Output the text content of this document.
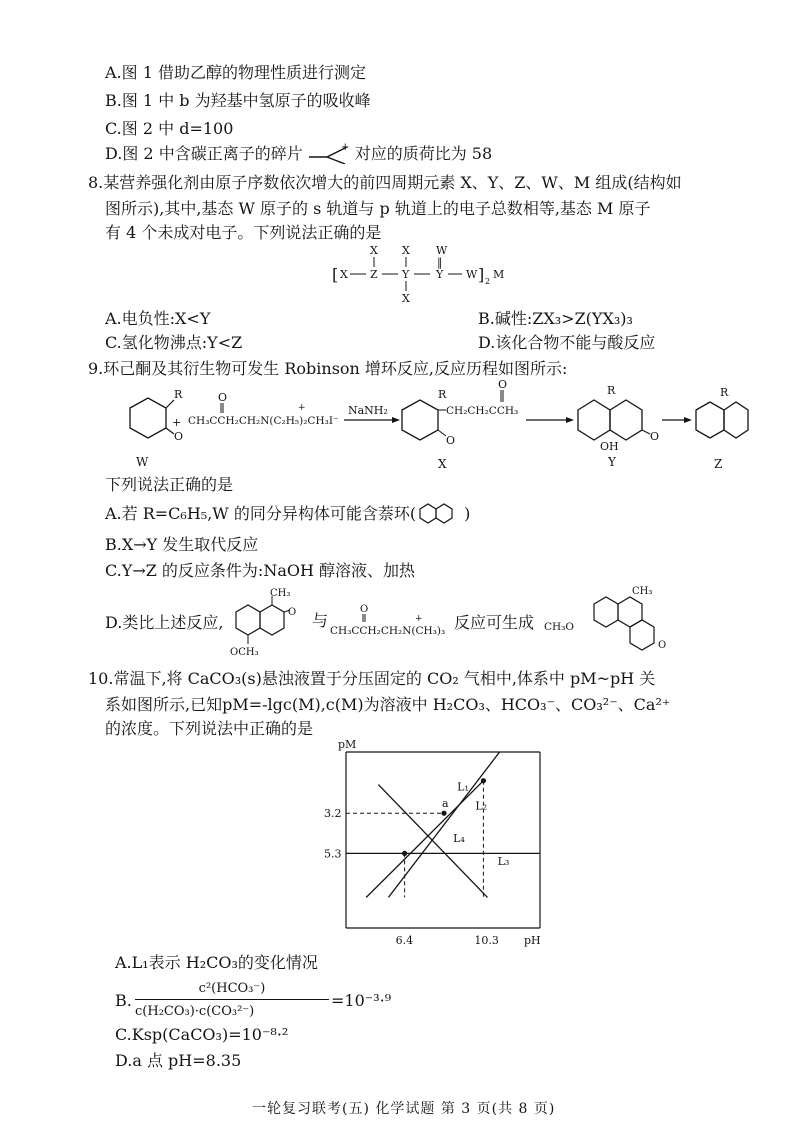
A.图 1 借助乙醇的物理性质进行测定
B.图 1 中 b 为羟基中氢原子的吸收峰
C.图 2 中 d=100
D.图 2 中含碳正离子的碎片	+ 对应的质荷比为 58
8.某营养强化剂由原子序数依次增大的前四周期元素 X、Y、Z、W、M 组成(结构如
图所示),其中,基态 W 原子的 s 轨道与 p 轨道上的电子总数相等,基态 M 原子
有 4 个未成对电子。下列说法正确的是
X X W
‖
[ X Z Y Y W ] 2
M
X
A.电负性:X<Y	B.碱性:ZX₃>Z(YX₃)₃
C.氢化物沸点:Y<Z	D.该化合物不能与酸反应
9.环己酮及其衍生物可发生 Robinson 增环反应,反应历程如图所示:
R
O
+
O
CH₃CCH₂CH₂N(C₂H₅)₂CH₃I⁻
+	NaNH₂
R
CH₂CH₂CCH₃
O
O
R
OH
O
R
W	X	Y	Z
下列说法正确的是
A.若 R=C₆H₅,W 的同分异构体可能含萘环(	)
B.X→Y 发生取代反应
C.Y→Z 的反应条件为:NaOH 醇溶液、加热
D.类比上述反应,
CH₃
O
OCH₃
与
O
CH₃CCH₂CH₂N(CH₃)₃
+ 反应可生成 CH₃O
CH₃
O
10.常温下,将 CaCO₃(s)悬浊液置于分压固定的 CO₂ 气相中,体系中 pM~pH 关
系如图所示,已知pM=-lgc(M),c(M)为溶液中 H₂CO₃、HCO₃⁻、CO₃²⁻、Ca²⁺
的浓度。下列说法中正确的是
pM
pH
3.2
5.3
6.4	10.3
L₁
L₂
L₃
L₄
a
A.L₁表示 H₂CO₃的变化情况
B.
c²(HCO₃⁻)
c(H₂CO₃)·c(CO₃²⁻)
=10⁻³·⁹
C.Ksp(CaCO₃)=10⁻⁸·²
D.a 点 pH=8.35
一轮复习联考(五) 化学试题 第 3 页(共 8 页)
